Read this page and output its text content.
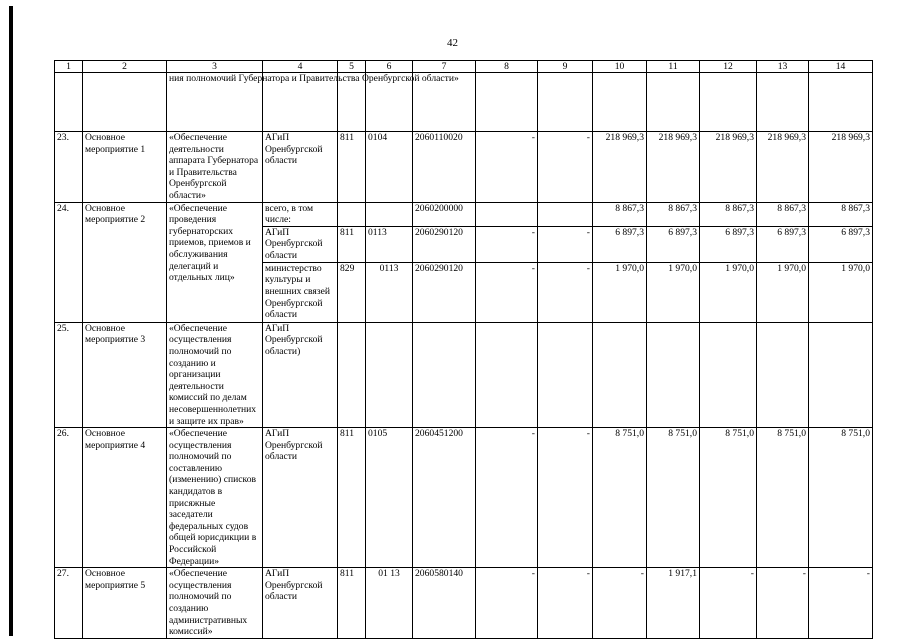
42
1	2	3	4	5	6	7	8	9	10	11	12	13	14
		ния полномочий Губернатора и Правительства Оренбургской области»											
23.	Основное мероприятие 1	«Обеспечение деятельности аппарата Губернатора и Правительства Оренбургской области»	АГиП Оренбургской области	811	0104	2060110020	-	-	218 969,3	218 969,3	218 969,3	218 969,3	218 969,3
24.	Основное мероприятие 2	«Обеспечение проведения губернаторских приемов, приемов и обслуживания делегаций и отдельных лиц»	всего, в том числе:			2060200000			8 867,3	8 867,3	8 867,3	8 867,3	8 867,3
			АГиП Оренбургской области	811	0113	2060290120	-	-	6 897,3	6 897,3	6 897,3	6 897,3	6 897,3
			министерство культуры и внешних связей Оренбургской области	829	0113	2060290120	-	-	1 970,0	1 970,0	1 970,0	1 970,0	1 970,0
25.	Основное мероприятие 3	«Обеспечение осуществления полномочий по созданию и организации деятельности комиссий по делам несовершеннолетних и защите их прав»	АГиП Оренбургской области)										
26.	Основное мероприятие 4	«Обеспечение осуществления полномочий по составлению (изменению) списков кандидатов в присяжные заседатели федеральных судов общей юрисдикции в Российской Федерации»	АГиП Оренбургской области	811	0105	2060451200	-	-	8 751,0	8 751,0	8 751,0	8 751,0	8 751,0
27.	Основное мероприятие 5	«Обеспечение осуществления полномочий по созданию административных комиссий»	АГиП Оренбургской области	811	01 13	2060580140	-	-	-	1 917,1	-	-	-
